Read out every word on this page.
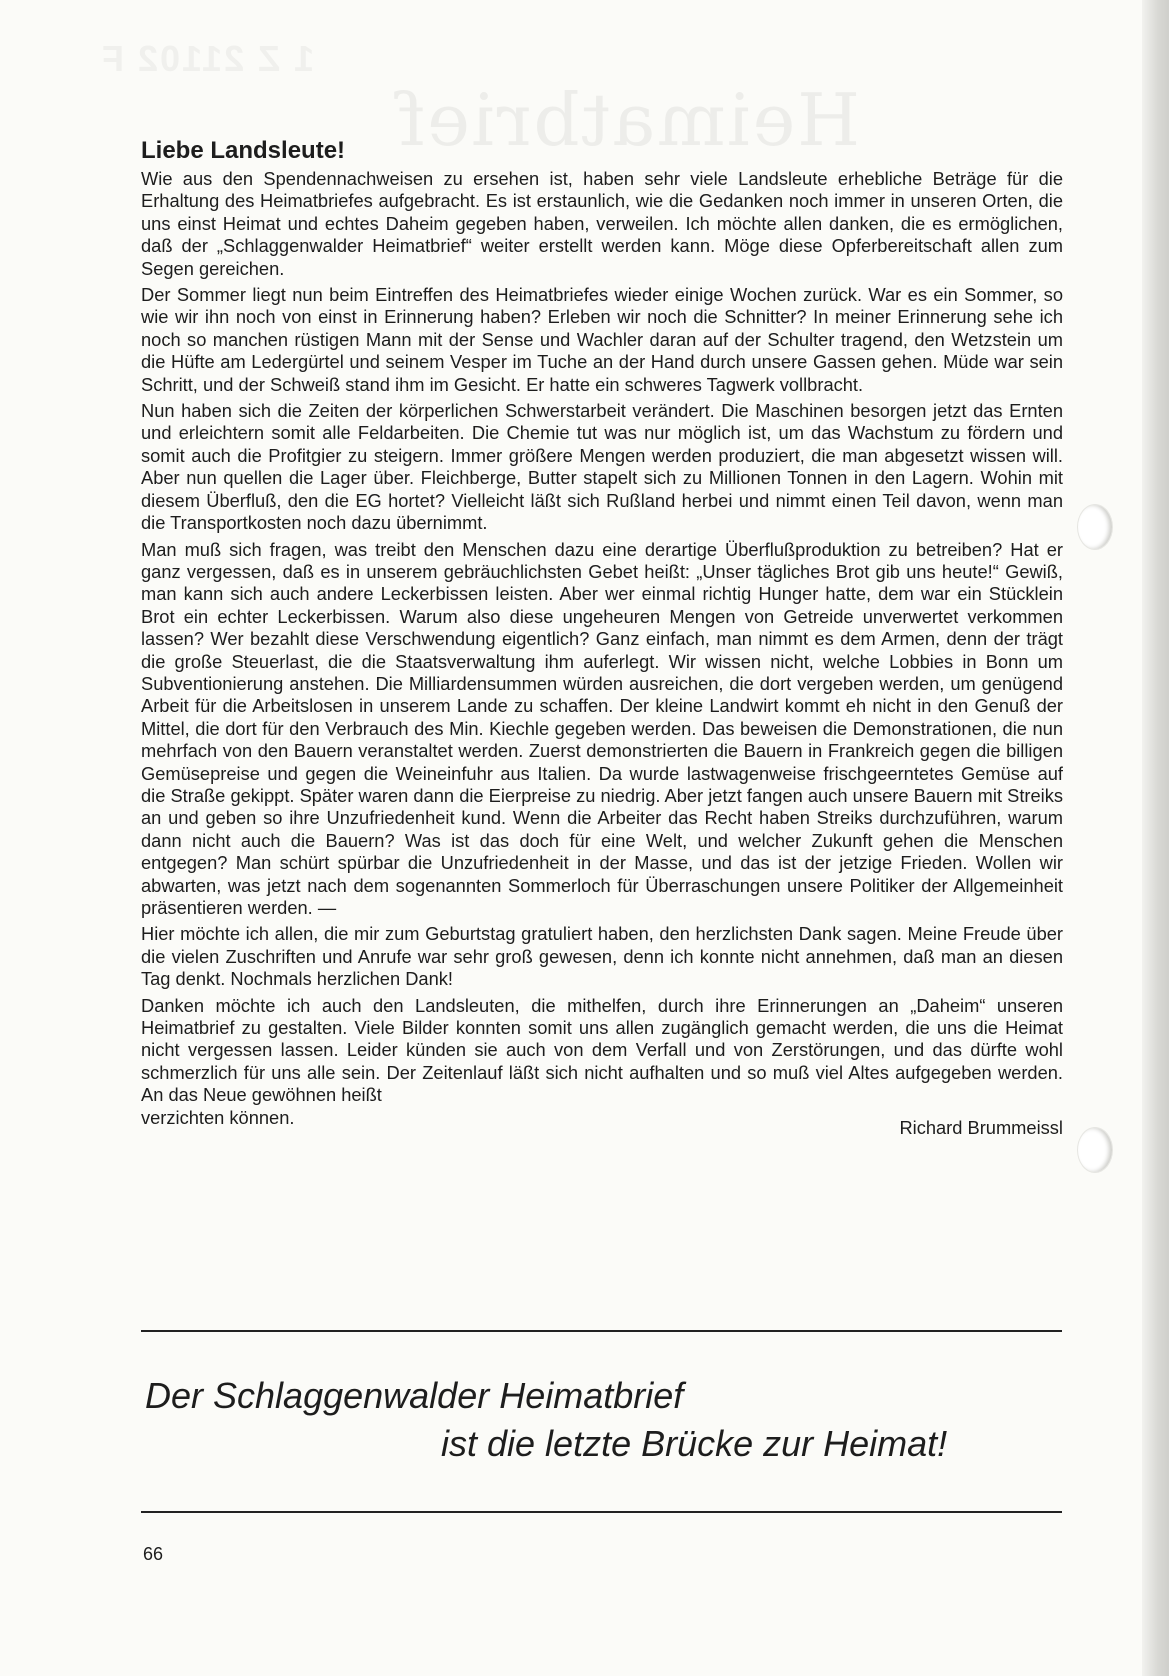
1 Z 21102 F
Heimatbrief
Liebe Landsleute!

Wie aus den Spendennachweisen zu ersehen ist, haben sehr viele Landsleute erhebliche Beträge für die Erhaltung des Heimatbriefes aufgebracht. Es ist erstaunlich, wie die Gedanken noch immer in unseren Orten, die uns einst Heimat und echtes Daheim gegeben haben, verweilen. Ich möchte allen danken, die es ermöglichen, daß der „Schlaggenwalder Heimatbrief“ weiter erstellt werden kann. Möge diese Opferbereitschaft allen zum Segen gereichen.

Der Sommer liegt nun beim Eintreffen des Heimatbriefes wieder einige Wochen zurück. War es ein Sommer, so wie wir ihn noch von einst in Erinnerung haben? Erleben wir noch die Schnitter? In meiner Erinnerung sehe ich noch so manchen rüstigen Mann mit der Sense und Wachler daran auf der Schulter tragend, den Wetzstein um die Hüfte am Ledergürtel und seinem Vesper im Tuche an der Hand durch unsere Gassen gehen. Müde war sein Schritt, und der Schweiß stand ihm im Gesicht. Er hatte ein schweres Tagwerk vollbracht.

Nun haben sich die Zeiten der körperlichen Schwerstarbeit verändert. Die Maschinen besorgen jetzt das Ernten und erleichtern somit alle Feldarbeiten. Die Chemie tut was nur möglich ist, um das Wachstum zu fördern und somit auch die Profitgier zu steigern. Immer größere Mengen werden produziert, die man abgesetzt wissen will. Aber nun quellen die Lager über. Fleichberge, Butter stapelt sich zu Millionen Tonnen in den Lagern. Wohin mit diesem Überfluß, den die EG hortet? Vielleicht läßt sich Rußland herbei und nimmt einen Teil davon, wenn man die Transportkosten noch dazu übernimmt.

Man muß sich fragen, was treibt den Menschen dazu eine derartige Überflußproduktion zu betreiben? Hat er ganz vergessen, daß es in unserem gebräuchlichsten Gebet heißt: „Unser tägliches Brot gib uns heute!“ Gewiß, man kann sich auch andere Leckerbissen leisten. Aber wer einmal richtig Hunger hatte, dem war ein Stücklein Brot ein echter Leckerbissen. Warum also diese ungeheuren Mengen von Getreide unverwertet verkommen lassen? Wer bezahlt diese Verschwendung eigentlich? Ganz einfach, man nimmt es dem Armen, denn der trägt die große Steuerlast, die die Staatsverwaltung ihm auferlegt. Wir wissen nicht, welche Lobbies in Bonn um Subventionierung anstehen. Die Milliardensummen würden ausreichen, die dort vergeben werden, um genügend Arbeit für die Arbeitslosen in unserem Lande zu schaffen. Der kleine Landwirt kommt eh nicht in den Genuß der Mittel, die dort für den Verbrauch des Min. Kiechle gegeben werden. Das beweisen die Demonstrationen, die nun mehrfach von den Bauern veranstaltet werden. Zuerst demonstrierten die Bauern in Frankreich gegen die billigen Gemüsepreise und gegen die Weineinfuhr aus Italien. Da wurde lastwagenweise frischgeerntetes Gemüse auf die Straße gekippt. Später waren dann die Eierpreise zu niedrig. Aber jetzt fangen auch unsere Bauern mit Streiks an und geben so ihre Unzufriedenheit kund. Wenn die Arbeiter das Recht haben Streiks durchzuführen, warum dann nicht auch die Bauern? Was ist das doch für eine Welt, und welcher Zukunft gehen die Menschen entgegen? Man schürt spürbar die Unzufriedenheit in der Masse, und das ist der jetzige Frieden. Wollen wir abwarten, was jetzt nach dem sogenannten Sommerloch für Überraschungen unsere Politiker der Allgemeinheit präsentieren werden. —

Hier möchte ich allen, die mir zum Geburtstag gratuliert haben, den herzlichsten Dank sagen. Meine Freude über die vielen Zuschriften und Anrufe war sehr groß gewesen, denn ich konnte nicht annehmen, daß man an diesen Tag denkt. Nochmals herzlichen Dank!

Danken möchte ich auch den Landsleuten, die mithelfen, durch ihre Erinnerungen an „Daheim“ unseren Heimatbrief zu gestalten. Viele Bilder konnten somit uns allen zugänglich gemacht werden, die uns die Heimat nicht vergessen lassen. Leider künden sie auch von dem Verfall und von Zerstörungen, und das dürfte wohl schmerzlich für uns alle sein. Der Zeitenlauf läßt sich nicht aufhalten und so muß viel Altes aufgegeben werden. An das Neue gewöhnen heißt

verzichten können.	Richard Brummeissl
Der Schlaggenwalder Heimatbrief
ist die letzte Brücke zur Heimat!
66
